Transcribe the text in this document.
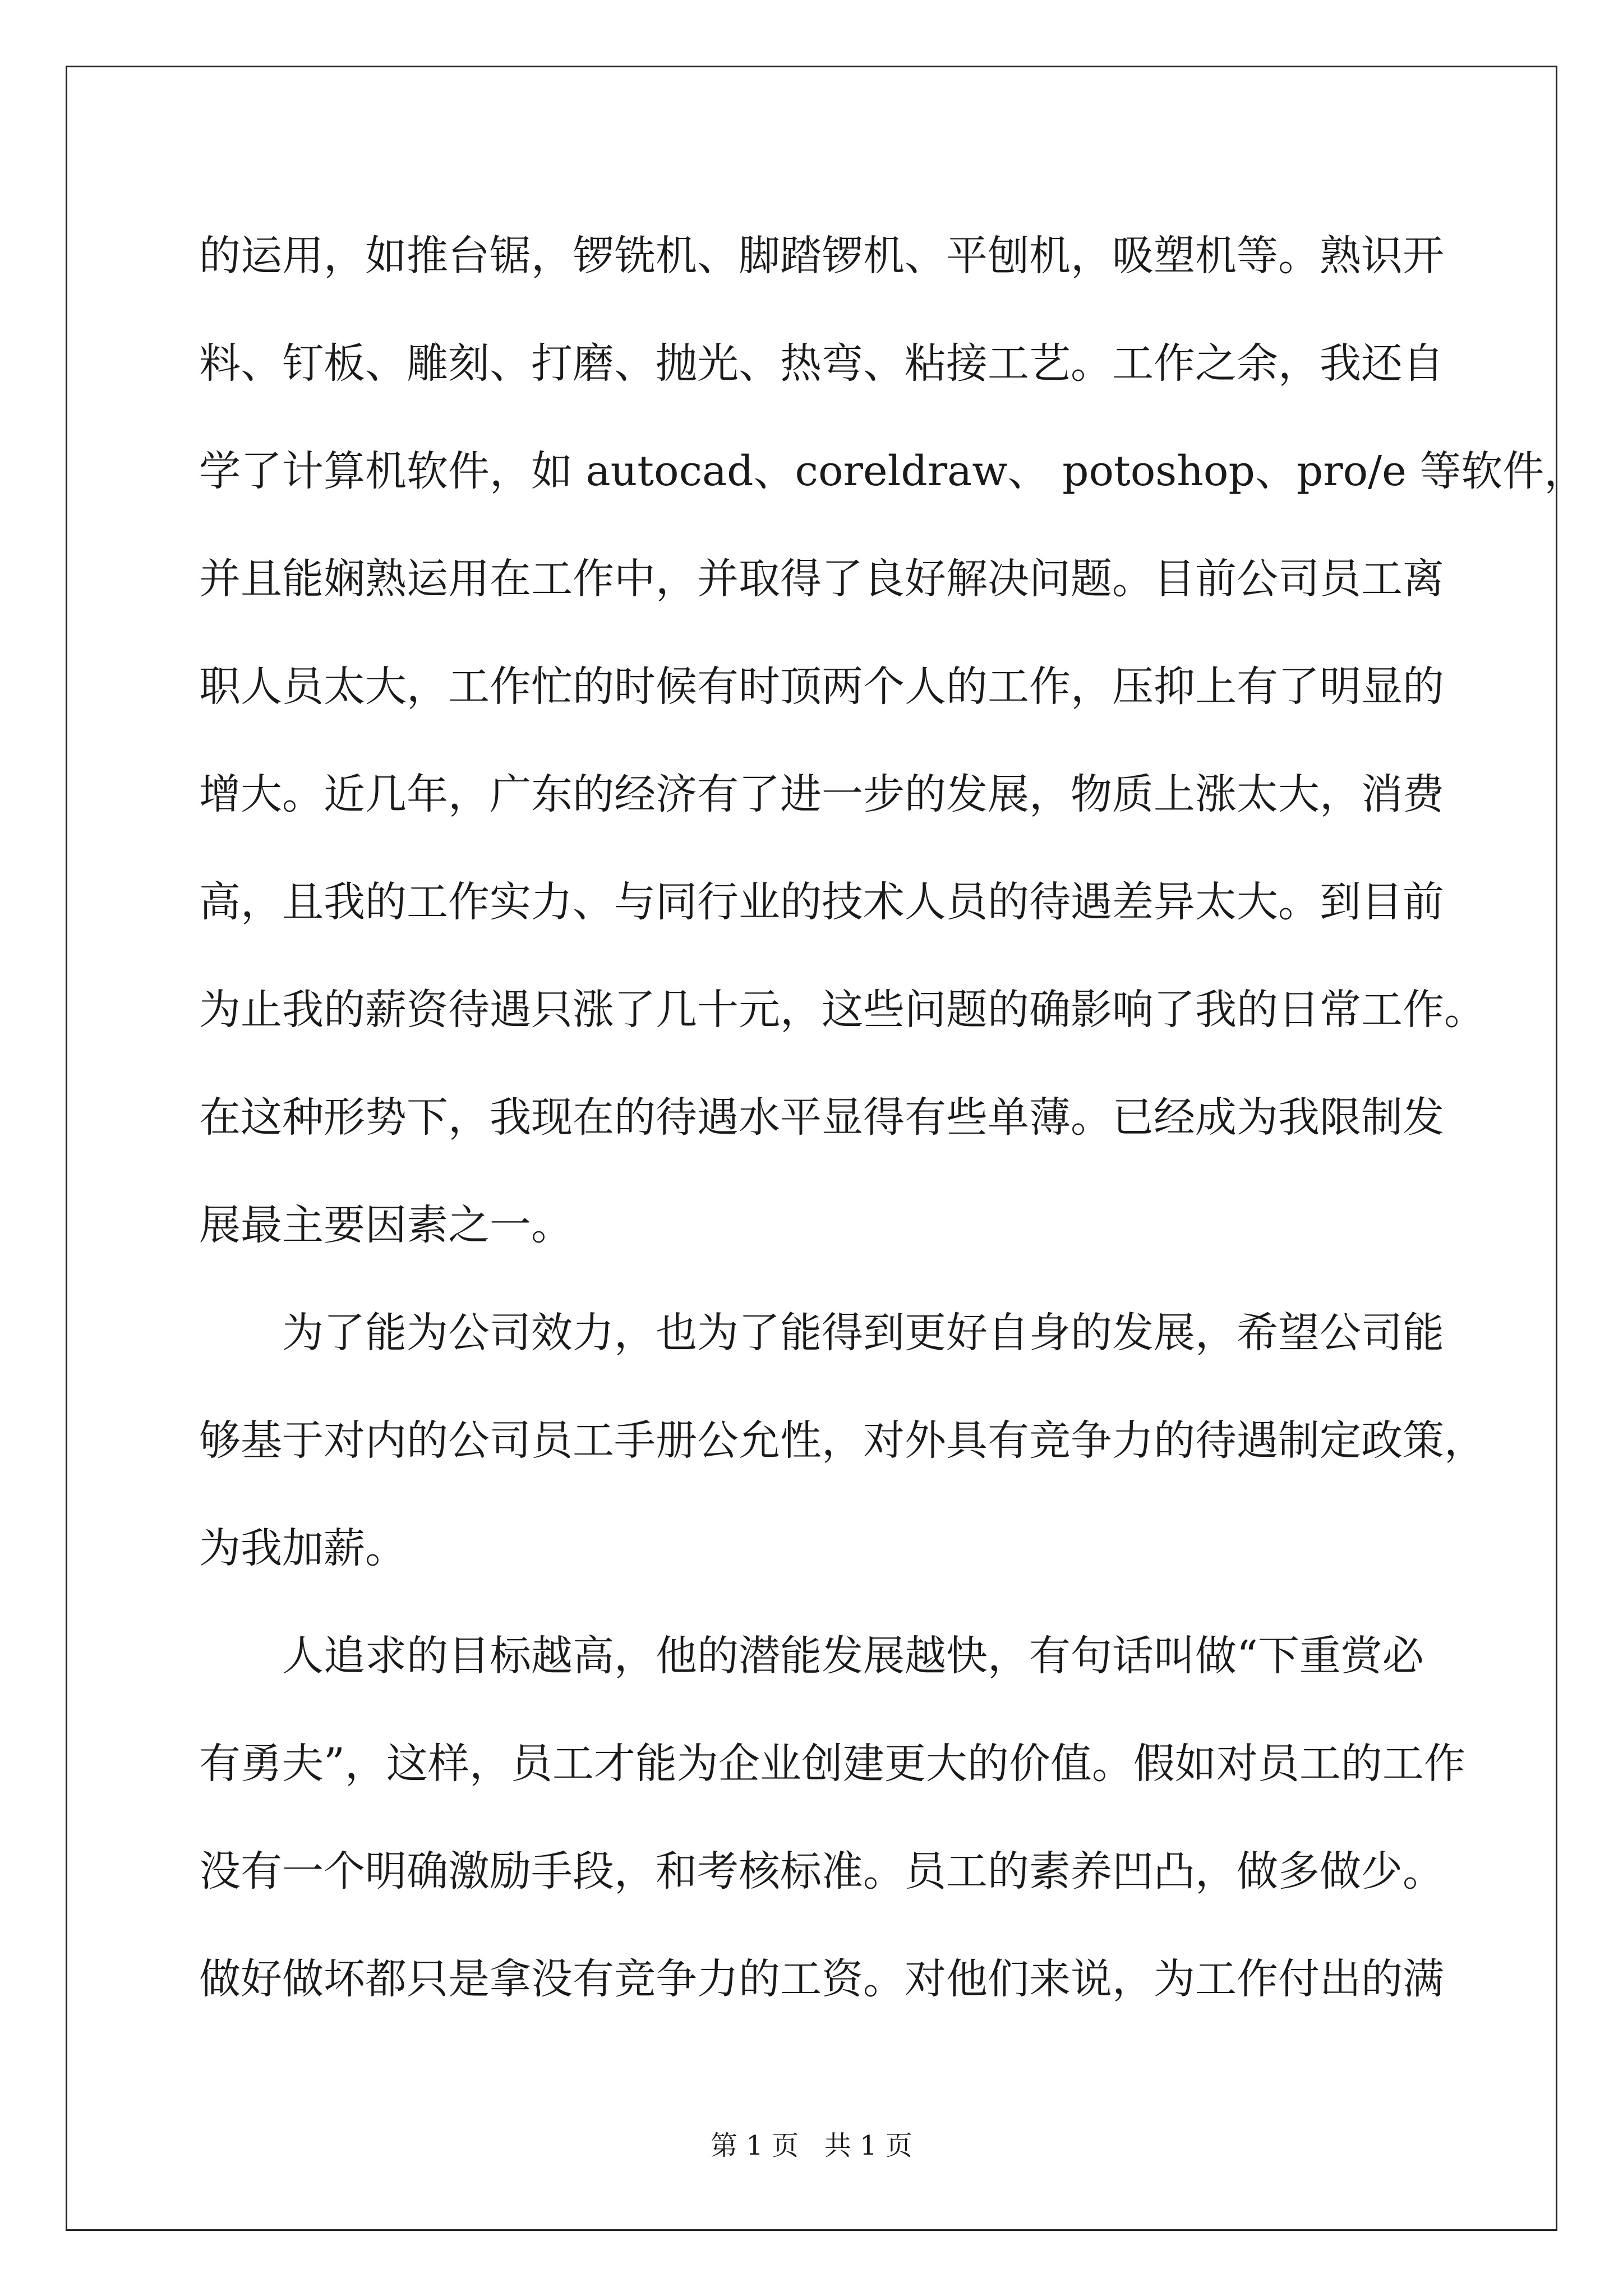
的运用，如推台锯，锣铣机、脚踏锣机、平刨机，吸塑机等。熟识开
料、钉板、雕刻、打磨、抛光、热弯、粘接工艺。工作之余，我还自
学了计算机软件，如 autocad、coreldraw、 potoshop、pro/e 等软件，
并且能娴熟运用在工作中，并取得了良好解决问题。目前公司员工离
职人员太大，工作忙的时候有时顶两个人的工作，压抑上有了明显的
增大。近几年，广东的经济有了进一步的发展，物质上涨太大，消费
高，且我的工作实力、与同行业的技术人员的待遇差异太大。到目前
为止我的薪资待遇只涨了几十元，这些问题的确影响了我的日常工作。
在这种形势下，我现在的待遇水平显得有些单薄。已经成为我限制发
展最主要因素之一。
为了能为公司效力，也为了能得到更好自身的发展，希望公司能
够基于对内的公司员工手册公允性，对外具有竞争力的待遇制定政策，
为我加薪。
人追求的目标越高，他的潜能发展越快，有句话叫做“下重赏必
有勇夫”，这样，员工才能为企业创建更大的价值。假如对员工的工作
没有一个明确激励手段，和考核标准。员工的素养凹凸，做多做少。
做好做坏都只是拿没有竞争力的工资。对他们来说，为工作付出的满
第 1 页   共 1 页
